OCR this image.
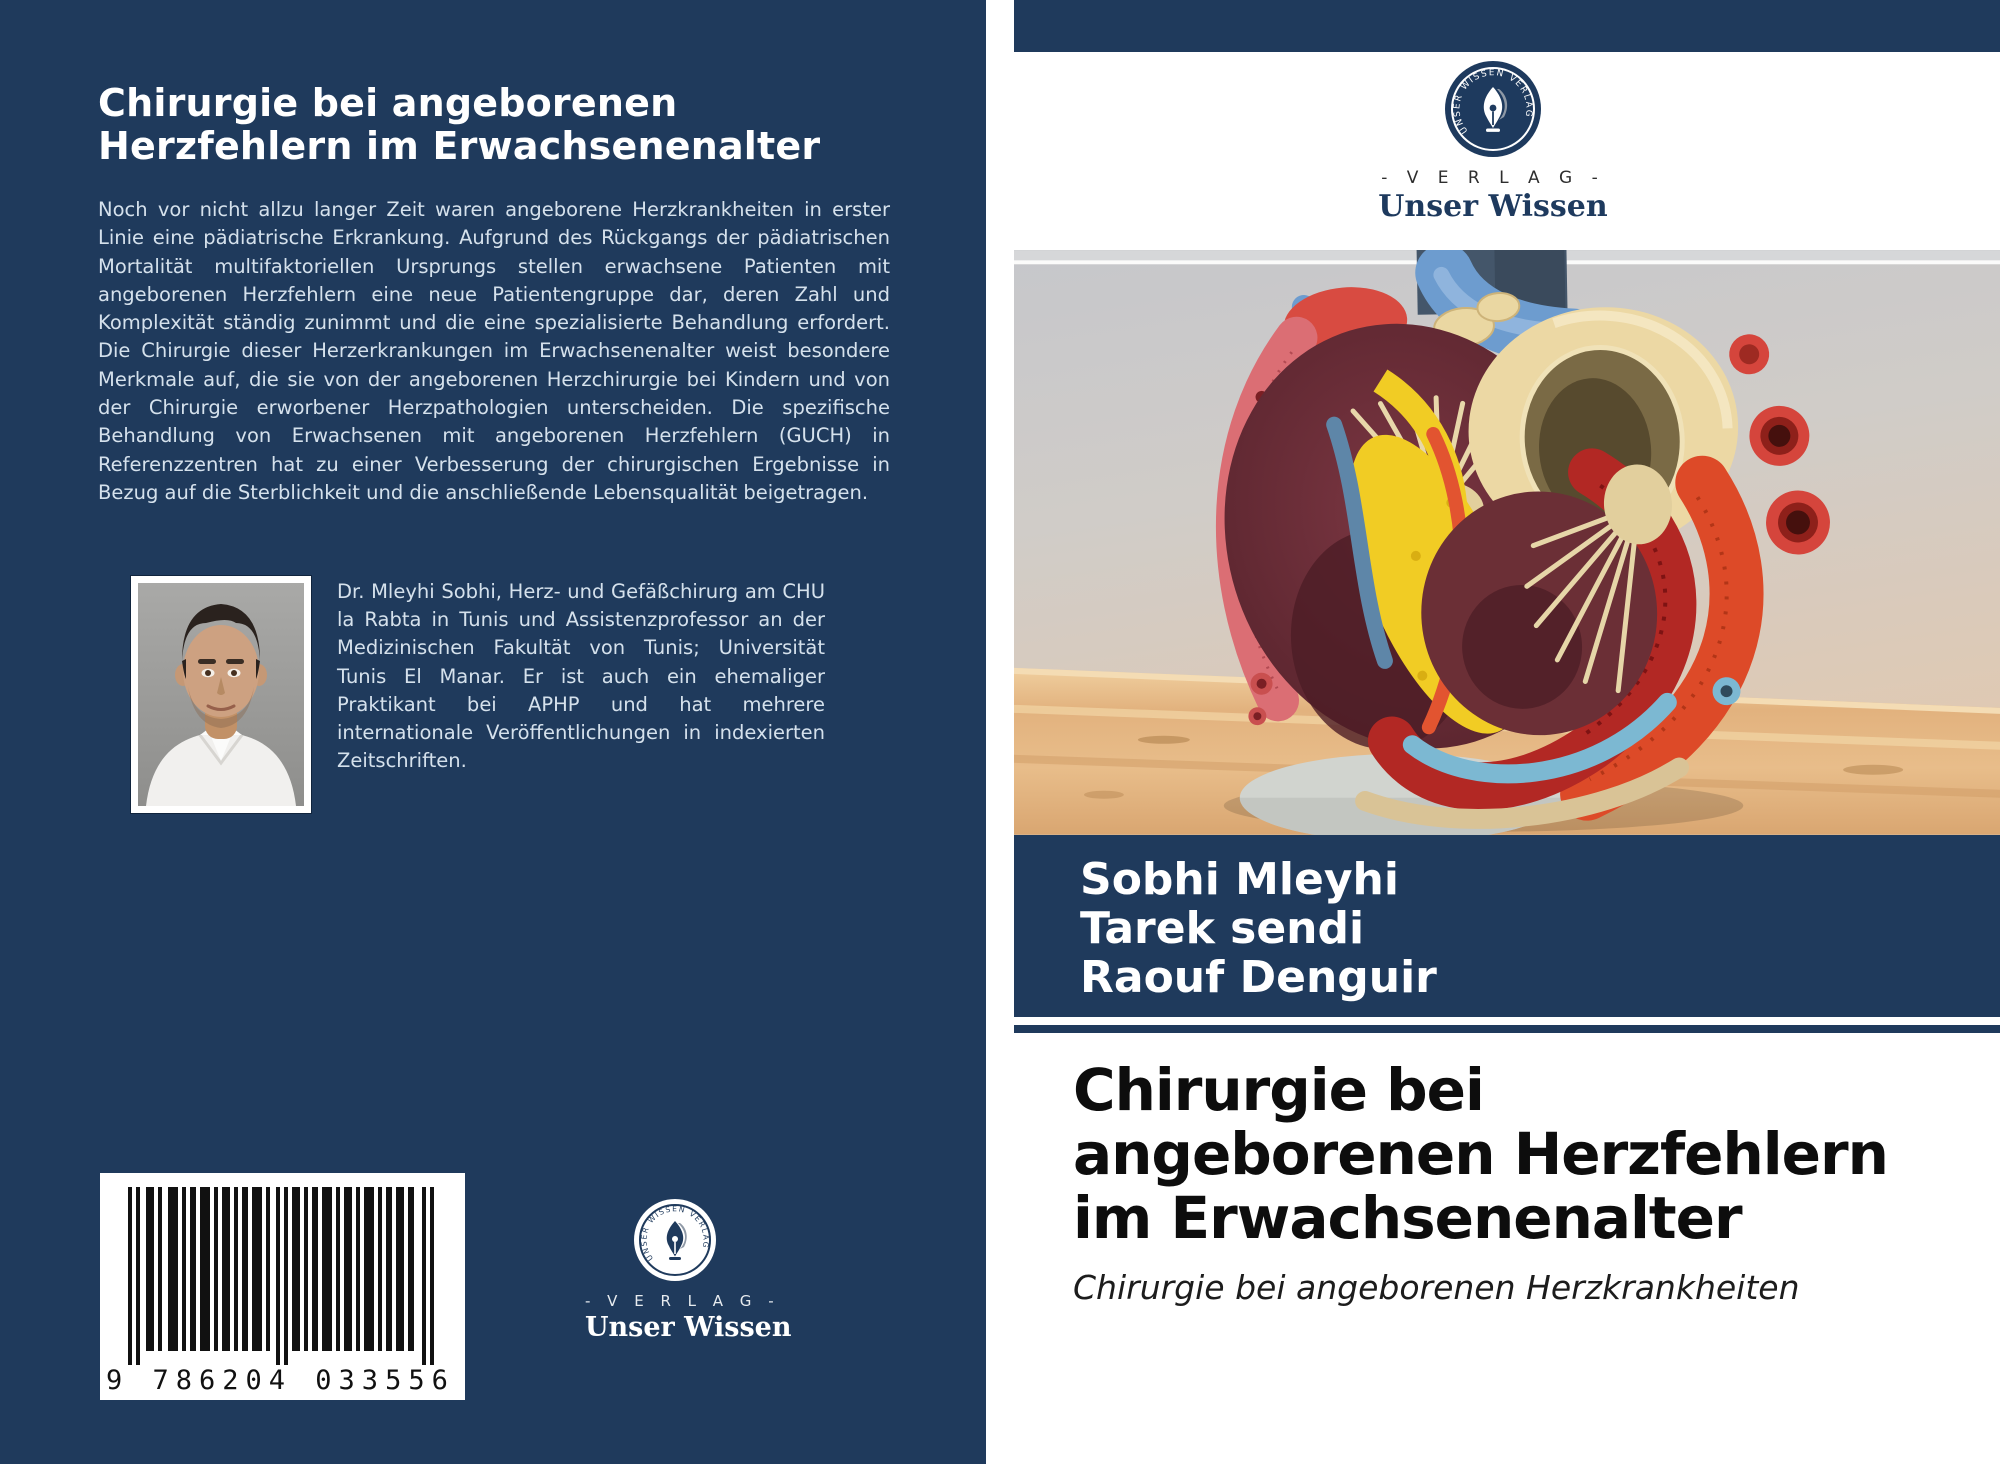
Chirurgie bei angeborenen
Herzfehlern im Erwachsenenalter
Noch vor nicht allzu langer Zeit waren angeborene Herzkrankheiten in erster Linie eine pädiatrische Erkrankung. Aufgrund des Rückgangs der pädiatrischen Mortalität multifaktoriellen Ursprungs stellen erwachsene Patienten mit angeborenen Herzfehlern eine neue Patientengruppe dar, deren Zahl und Komplexität ständig zunimmt und die eine spezialisierte Behandlung erfordert. Die Chirurgie dieser Herzerkrankungen im Erwachsenenalter weist besondere Merkmale auf, die sie von der angeborenen Herzchirurgie bei Kindern und von der Chirurgie erworbener Herzpathologien unterscheiden. Die spezifische Behandlung von Erwachsenen mit angeborenen Herzfehlern (GUCH) in Referenzzentren hat zu einer Verbesserung der chirurgischen Ergebnisse in Bezug auf die Sterblichkeit und die anschließende Lebensqualität beigetragen.
Dr. Mleyhi Sobhi, Herz- und Gefäßchirurg am CHU la Rabta in Tunis und Assistenzprofessor an der Medizinischen Fakultät von Tunis; Universität Tunis El Manar. Er ist auch ein ehemaliger Praktikant bei APHP und hat mehrere internationale Veröffentlichungen in indexierten Zeitschriften.
9 786204 033556
UNSER WISSEN VERLAG
- V E R L A G -
Unser Wissen
UNSER WISSEN VERLAG
- V E R L A G -
Unser Wissen
Sobhi Mleyhi
Tarek sendi
Raouf Denguir
Chirurgie bei
angeborenen Herzfehlern
im Erwachsenenalter
Chirurgie bei angeborenen Herzkrankheiten
